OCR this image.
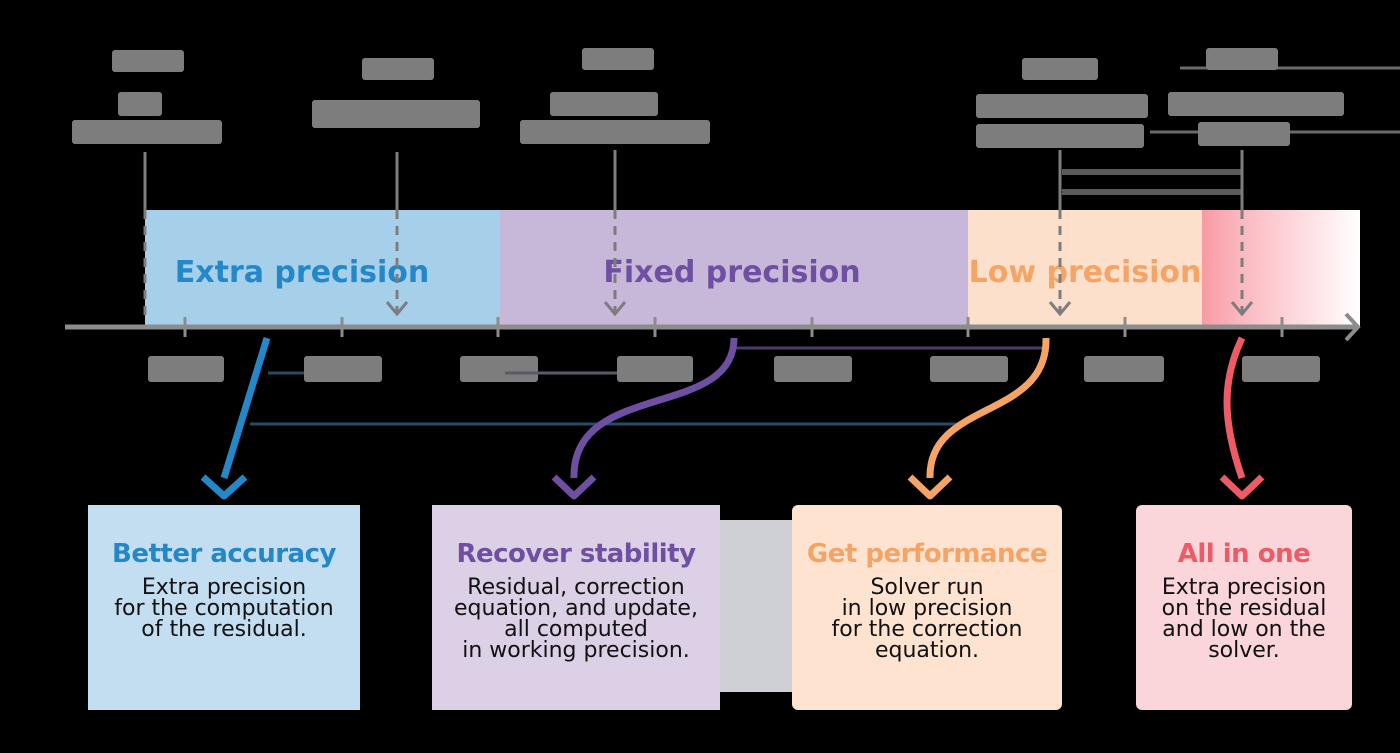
Extra precision	Fixed precision	Low precision
Better accuracy
Extra precision
for the computation
of the residual.
Recover stability
Residual, correction
equation, and update,
all computed
in working precision.
Get performance
Solver run
in low precision
for the correction
equation.
All in one
Extra precision
on the residual
and low on the
solver.
